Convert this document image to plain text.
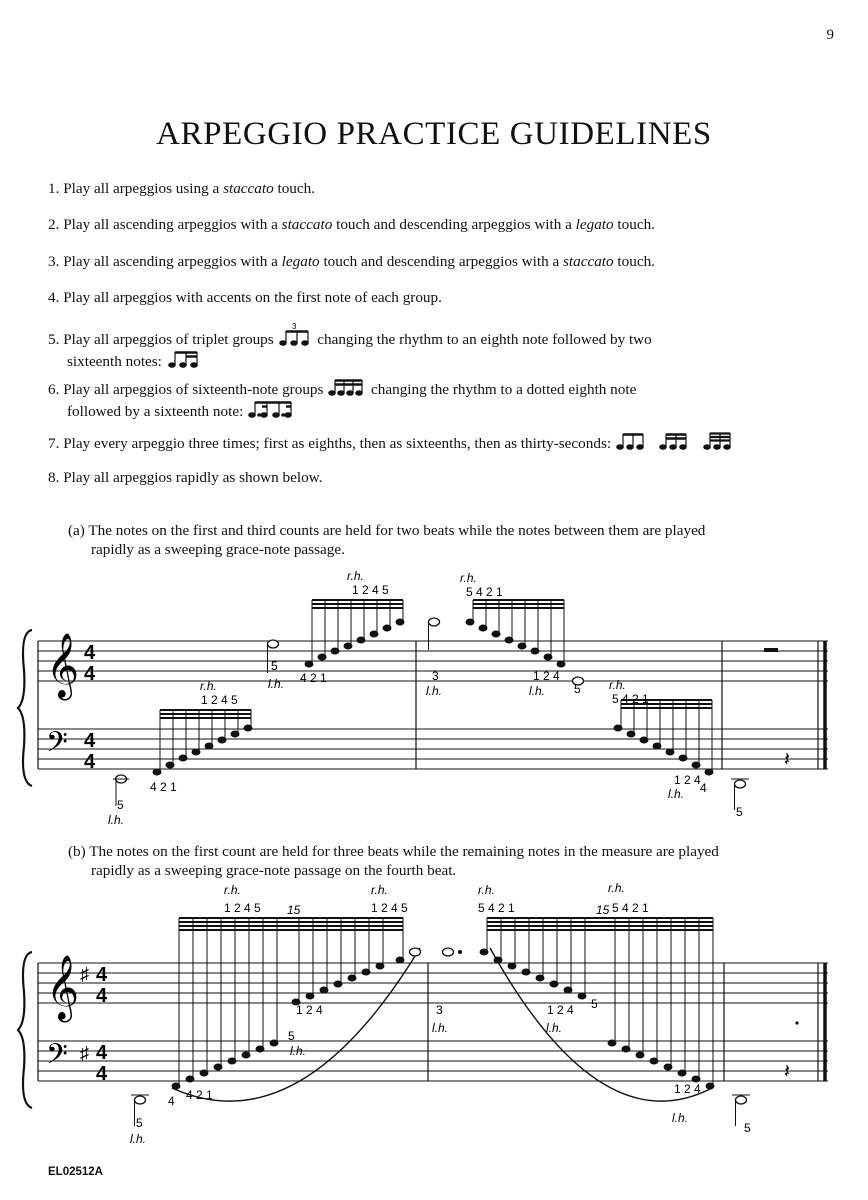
9
ARPEGGIO PRACTICE GUIDELINES

1. Play all arpeggios using a staccato touch.

2. Play all ascending arpeggios with a staccato touch and descending arpeggios with a legato touch.

3. Play all ascending arpeggios with a legato touch and descending arpeggios with a staccato touch.

4. Play all arpeggios with accents on the first note of each group.

5. Play all arpeggios of triplet groups
3
changing the rhythm to an eighth note followed by two
sixteenth notes:
6. Play all arpeggios of sixteenth-note groups	changing the rhythm to a dotted eighth note
followed by a sixteenth note:
7. Play every arpeggio three times; first as eighths, then as sixteenths, then as thirty-seconds:

8. Play all arpeggios rapidly as shown below.

(a) The notes on the first and third counts are held for two beats while the notes between them are played
rapidly as a sweeping grace-note passage.

𝄞
𝄢
4
4
4
4	𝄽
r.h.
1 2 4 5
4 2 1
5
l.h.
r.h.
1 2 4 5
4 2 1
5
l.h.
r.h.
5 4 2 1
3
l.h.
1 2 4
l.h. 5 r.h.
5 4 2 1
1 2 4
4
l.h.
5

(b) The notes on the first count are held for three beats while the remaining notes in the measure are played
rapidly as a sweeping grace-note passage on the fourth beat.

𝄞
𝄢
♯
♯
4
4
4
4	𝄽
r.h.
1 2 4 5 15
r.h.
1 2 4 5
1 2 4
5
l.h.
4 4 2 1
5
l.h.
r.h.
5 4 2 1
3
l.h.
1 2 4
l.h.
5
r.h.
15 5 4 2 1
1 2 4
l.h.
5
EL02512A
